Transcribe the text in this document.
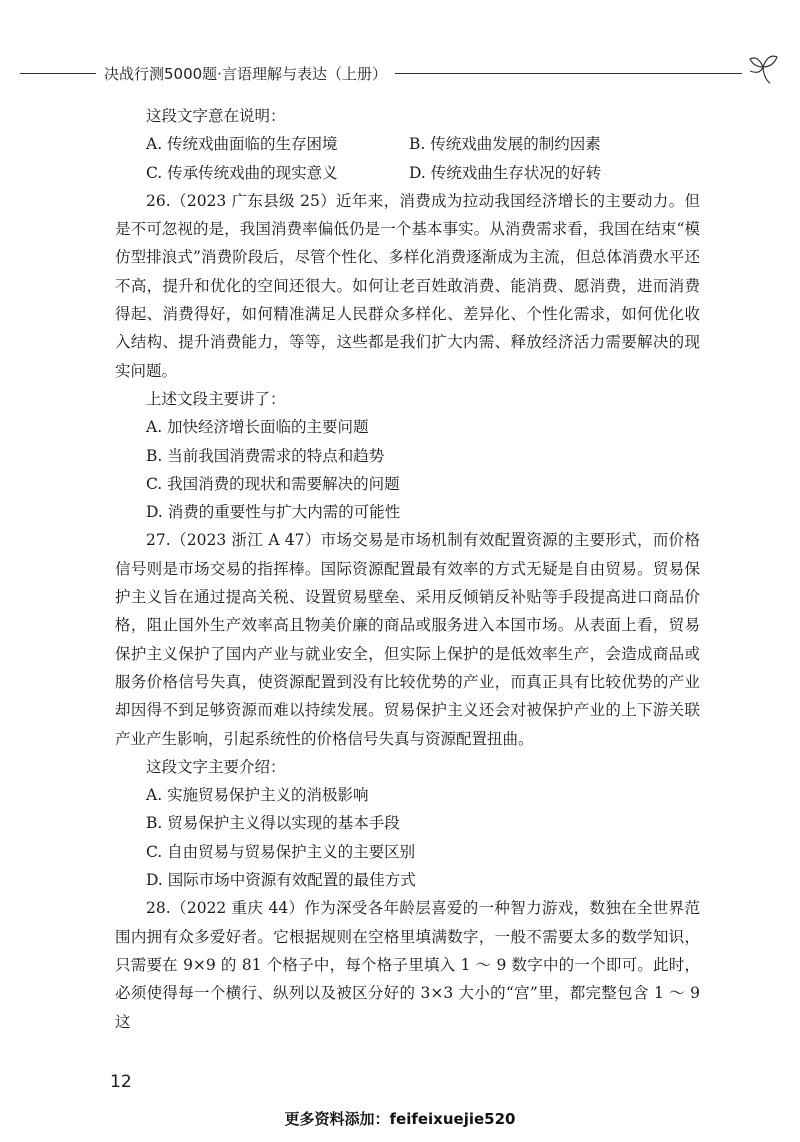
决战行测5000题·言语理解与表达（上册）

这段文字意在说明：

A. 传统戏曲面临的生存困境	B. 传统戏曲发展的制约因素
C. 传承传统戏曲的现实意义	D. 传统戏曲生存状况的好转

26.（2023 广东县级 25）近年来，消费成为拉动我国经济增长的主要动力。但是不可忽视的是，我国消费率偏低仍是一个基本事实。从消费需求看，我国在结束“模仿型排浪式”消费阶段后，尽管个性化、多样化消费逐渐成为主流，但总体消费水平还不高，提升和优化的空间还很大。如何让老百姓敢消费、能消费、愿消费，进而消费得起、消费得好，如何精准满足人民群众多样化、差异化、个性化需求，如何优化收入结构、提升消费能力，等等，这些都是我们扩大内需、释放经济活力需要解决的现实问题。

上述文段主要讲了：

A. 加快经济增长面临的主要问题

B. 当前我国消费需求的特点和趋势

C. 我国消费的现状和需要解决的问题

D. 消费的重要性与扩大内需的可能性

27.（2023 浙江 A 47）市场交易是市场机制有效配置资源的主要形式，而价格信号则是市场交易的指挥棒。国际资源配置最有效率的方式无疑是自由贸易。贸易保护主义旨在通过提高关税、设置贸易壁垒、采用反倾销反补贴等手段提高进口商品价格，阻止国外生产效率高且物美价廉的商品或服务进入本国市场。从表面上看，贸易保护主义保护了国内产业与就业安全，但实际上保护的是低效率生产，会造成商品或服务价格信号失真，使资源配置到没有比较优势的产业，而真正具有比较优势的产业却因得不到足够资源而难以持续发展。贸易保护主义还会对被保护产业的上下游关联产业产生影响，引起系统性的价格信号失真与资源配置扭曲。

这段文字主要介绍：

A. 实施贸易保护主义的消极影响

B. 贸易保护主义得以实现的基本手段

C. 自由贸易与贸易保护主义的主要区别

D. 国际市场中资源有效配置的最佳方式

28.（2022 重庆 44）作为深受各年龄层喜爱的一种智力游戏，数独在全世界范围内拥有众多爱好者。它根据规则在空格里填满数字，一般不需要太多的数学知识，只需要在 9×9 的 81 个格子中，每个格子里填入 1 ～ 9 数字中的一个即可。此时，必须使得每一个横行、纵列以及被区分好的 3×3 大小的“宫”里，都完整包含 1 ～ 9 这

12
更多资料添加：feifeixuejie520
